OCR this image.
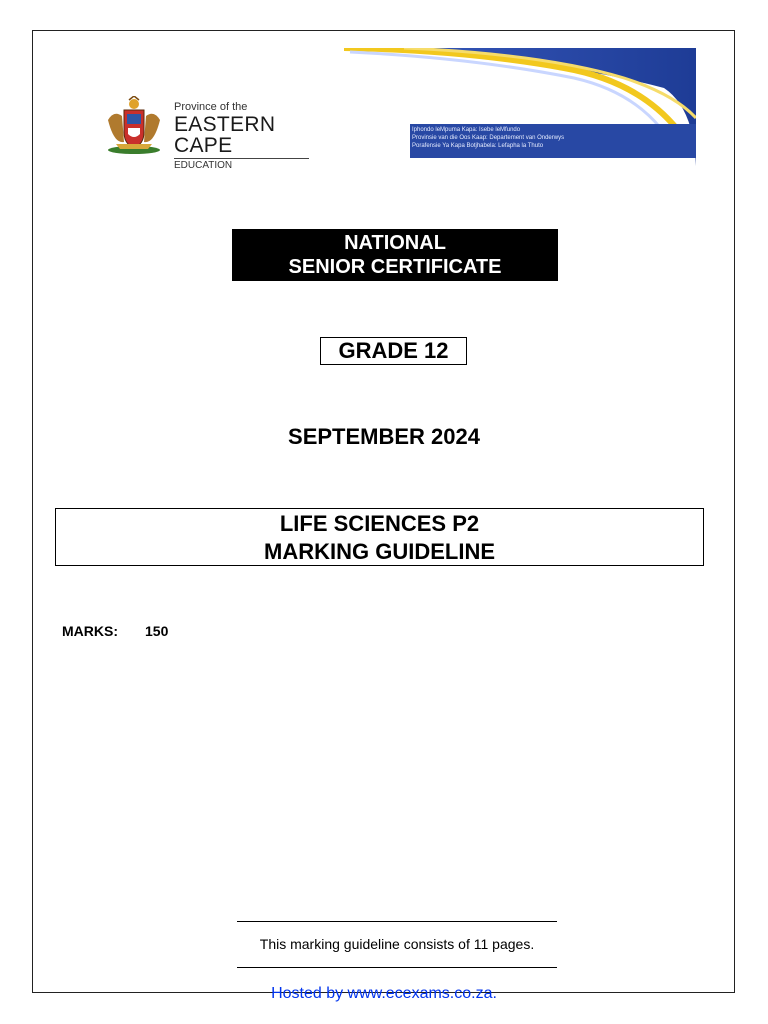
Province of the
EASTERN CAPE
EDUCATION
Iphondo leMpuma Kapa: Isebe leMfundo
Provinsie van die Oos Kaap: Departement van Onderwys
Porafensie Ya Kapa Botjhabela: Lefapha la Thuto
NATIONAL
SENIOR CERTIFICATE
GRADE 12
SEPTEMBER 2024
LIFE SCIENCES P2
MARKING GUIDELINE
MARKS: 150
This marking guideline consists of 11 pages.
Hosted by www.ecexams.co.za.
